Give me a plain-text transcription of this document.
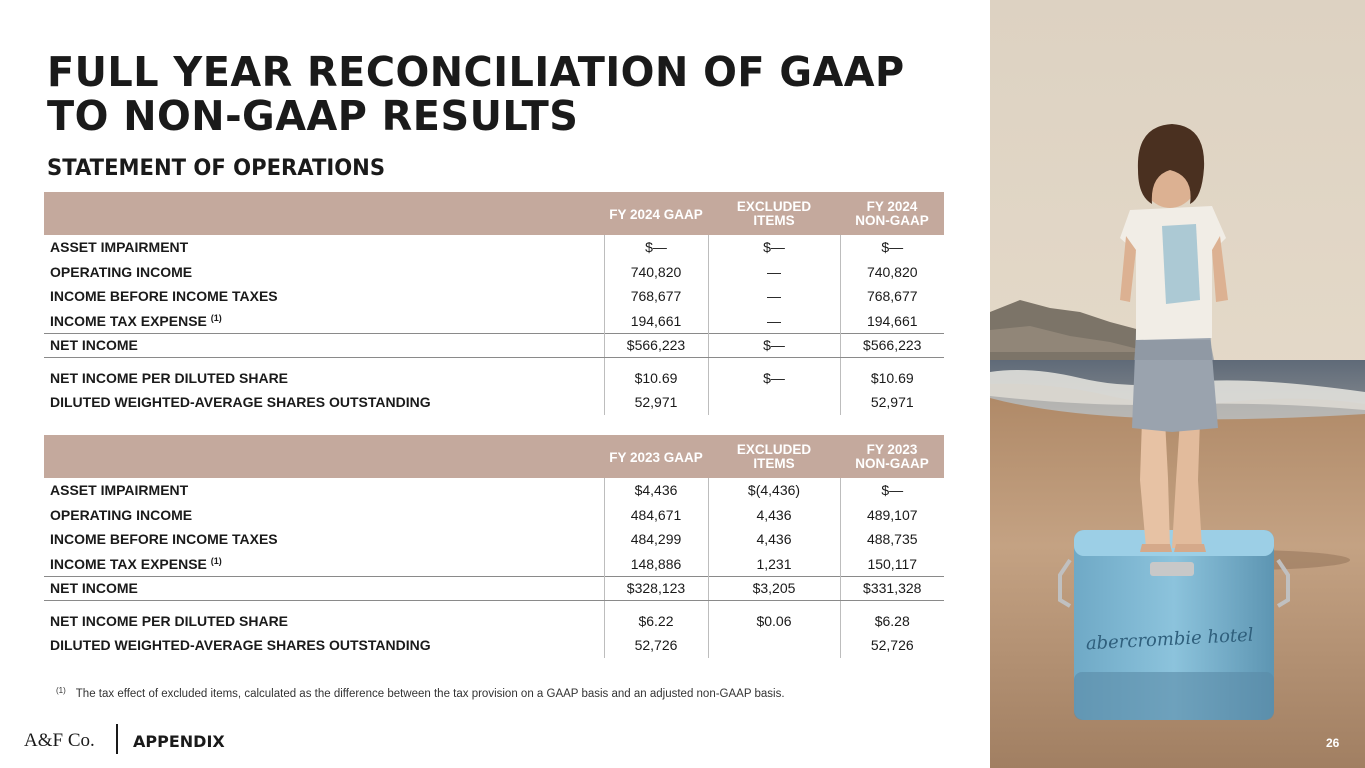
FULL YEAR RECONCILIATION OF GAAP TO NON-GAAP RESULTS
STATEMENT OF OPERATIONS
	FY 2024 GAAP	EXCLUDED ITEMS	FY 2024 NON-GAAP
ASSET IMPAIRMENT	$—	$—	$—
OPERATING INCOME	740,820	—	740,820
INCOME BEFORE INCOME TAXES	768,677	—	768,677
INCOME TAX EXPENSE $^{(1)}$	194,661	—	194,661
NET INCOME	$566,223	$—	$566,223

NET INCOME PER DILUTED SHARE	$10.69	$—	$10.69
DILUTED WEIGHTED-AVERAGE SHARES OUTSTANDING	52,971		52,971
	FY 2023 GAAP	EXCLUDED ITEMS	FY 2023 NON-GAAP
ASSET IMPAIRMENT	$4,436	$(4,436)	$—
OPERATING INCOME	484,671	4,436	489,107
INCOME BEFORE INCOME TAXES	484,299	4,436	488,735
INCOME TAX EXPENSE $^{(1)}$	148,886	1,231	150,117
NET INCOME	$328,123	$3,205	$331,328

NET INCOME PER DILUTED SHARE	$6.22	$0.06	$6.28
DILUTED WEIGHTED-AVERAGE SHARES OUTSTANDING	52,726		52,726
$^{(1)}$ The tax effect of excluded items, calculated as the difference between the tax provision on a GAAP basis and an adjusted non-GAAP basis.
A&F Co. APPENDIX
abercrombie hotel
26
